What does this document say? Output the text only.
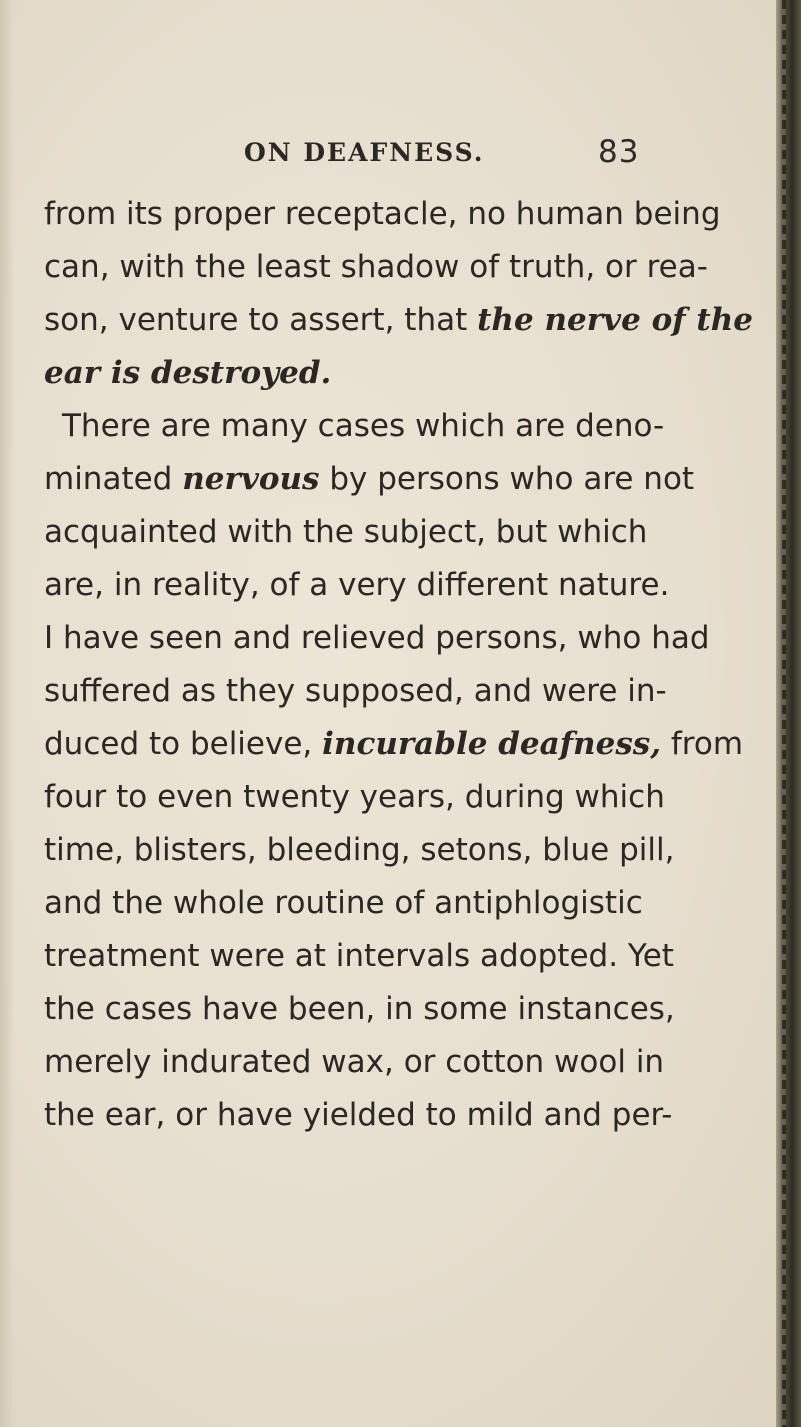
ON DEAFNESS.	83
from its proper receptacle, no human being
can, with the least shadow of truth, or rea-
son, venture to assert, that the nerve of the
ear is destroyed.
There are many cases which are deno-
minated nervous by persons who are not
acquainted with the subject, but which
are, in reality, of a very different nature.
I have seen and relieved persons, who had
suffered as they supposed, and were in-
duced to believe, incurable deafness, from
four to even twenty years, during which
time, blisters, bleeding, setons, blue pill,
and the whole routine of antiphlogistic
treatment were at intervals adopted. Yet
the cases have been, in some instances,
merely indurated wax, or cotton wool in
the ear, or have yielded to mild and per-
